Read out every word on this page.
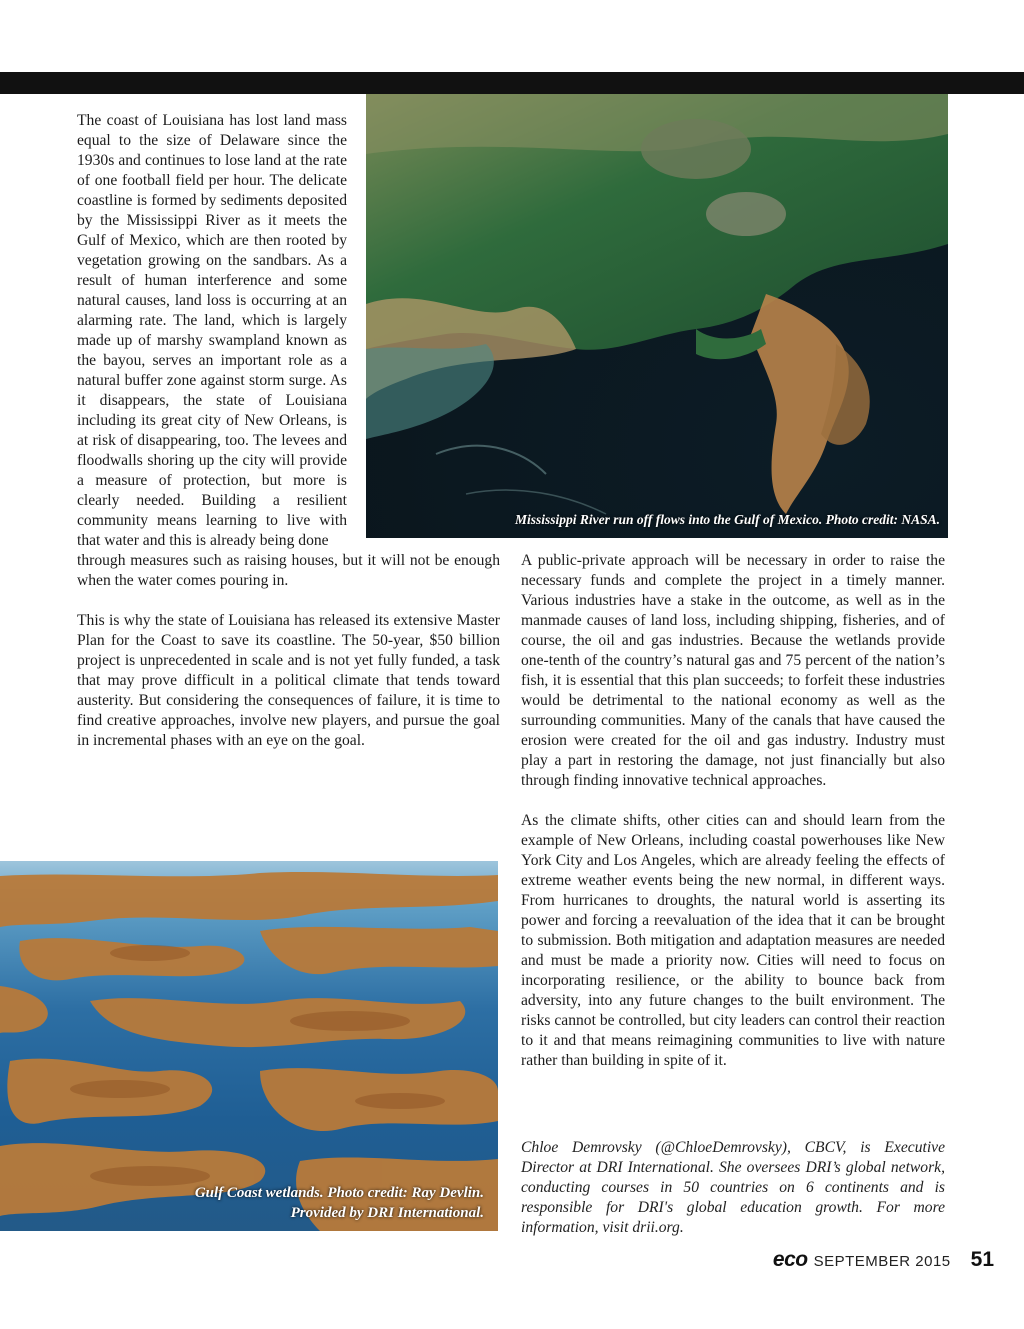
Mississippi River run off flows into the Gulf of Mexico. Photo credit: NASA.

The coast of Louisiana has lost land mass equal to the size of Delaware since the 1930s and continues to lose land at the rate of one football field per hour. The delicate coastline is formed by sediments deposited by the Mississippi River as it meets the Gulf of Mexico, which are then rooted by vegetation growing on the sandbars. As a result of human interference and some natural causes, land loss is occurring at an alarming rate. The land, which is largely made up of marshy swampland known as the bayou, serves an important role as a natural buffer zone against storm surge. As it disappears, the state of Louisiana including its great city of New Orleans, is at risk of disappearing, too. The levees and floodwalls shoring up the city will provide a measure of protection, but more is clearly needed. Building a resilient community means learning to live with that water and this is already being done

through measures such as raising houses, but it will not be enough when the water comes pouring in.

This is why the state of Louisiana has released its extensive Master Plan for the Coast to save its coastline. The 50-year, $50 billion project is unprecedented in scale and is not yet fully funded, a task that may prove difficult in a political climate that tends toward austerity. But considering the consequences of failure, it is time to find creative approaches, involve new players, and pursue the goal in incremental phases with an eye on the goal.

A public-private approach will be necessary in order to raise the necessary funds and complete the project in a timely manner. Various industries have a stake in the outcome, as well as in the manmade causes of land loss, including shipping, fisheries, and of course, the oil and gas industries. Because the wetlands provide one-tenth of the country’s natural gas and 75 percent of the nation’s fish, it is essential that this plan succeeds; to forfeit these industries would be detrimental to the national economy as well as the surrounding communities. Many of the canals that have caused the erosion were created for the oil and gas industry. Industry must play a part in restoring the damage, not just financially but also through finding innovative technical approaches.

As the climate shifts, other cities can and should learn from the example of New Orleans, including coastal powerhouses like New York City and Los Angeles, which are already feeling the effects of extreme weather events being the new normal, in different ways. From hurricanes to droughts, the natural world is asserting its power and forcing a reevaluation of the idea that it can be brought to submission. Both mitigation and adaptation measures are needed and must be made a priority now. Cities will need to focus on incorporating resilience, or the ability to bounce back from adversity, into any future changes to the built environment. The risks cannot be controlled, but city leaders can control their reaction to it and that means reimagining communities to live with nature rather than building in spite of it.

Gulf Coast wetlands. Photo credit: Ray Devlin.
Provided by DRI International.

Chloe Demrovsky (@ChloeDemrovsky), CBCV, is Executive Director at DRI International. She oversees DRI’s global network, conducting courses in 50 countries on 6 continents and is responsible for DRI's global education growth. For more information, visit drii.org.

eco SEPTEMBER 2015 51
